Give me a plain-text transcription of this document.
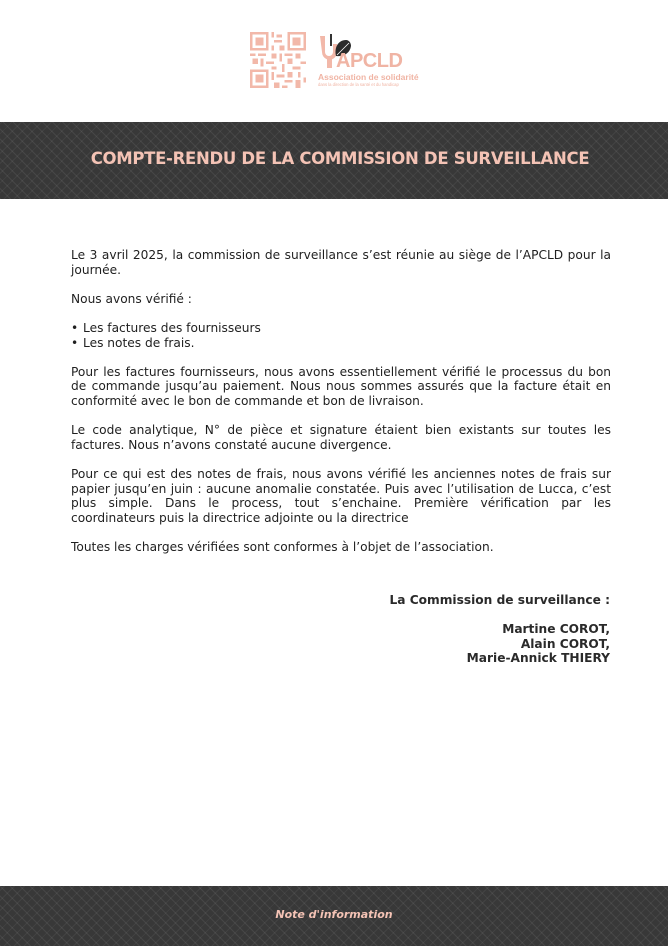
APCLD
Association de solidarité
dans la direction de la santé et du handicap
COMPTE-RENDU DE LA COMMISSION DE SURVEILLANCE

Le 3 avril 2025, la commission de surveillance s’est réunie au siège de l’APCLD pour la journée.

Nous avons vérifié :

• Les factures des fournisseurs
• Les notes de frais.

Pour les factures fournisseurs, nous avons essentiellement vérifié le processus du bon de commande jusqu’au paiement. Nous nous sommes assurés que la facture était en conformité avec le bon de commande et bon de livraison.

Le code analytique, N° de pièce et signature étaient bien existants sur toutes les factures. Nous n’avons constaté aucune divergence.

Pour ce qui est des notes de frais, nous avons vérifié les anciennes notes de frais sur papier jusqu’en juin : aucune anomalie constatée. Puis avec l’utilisation de Lucca, c’est plus simple. Dans le process, tout s’enchaine. Première vérification par les coordinateurs puis la directrice adjointe ou la directrice

Toutes les charges vérifiées sont conformes à l’objet de l’association.

La Commission de surveillance :
Martine COROT,
Alain COROT,
Marie-Annick THIERY
Note d'information
